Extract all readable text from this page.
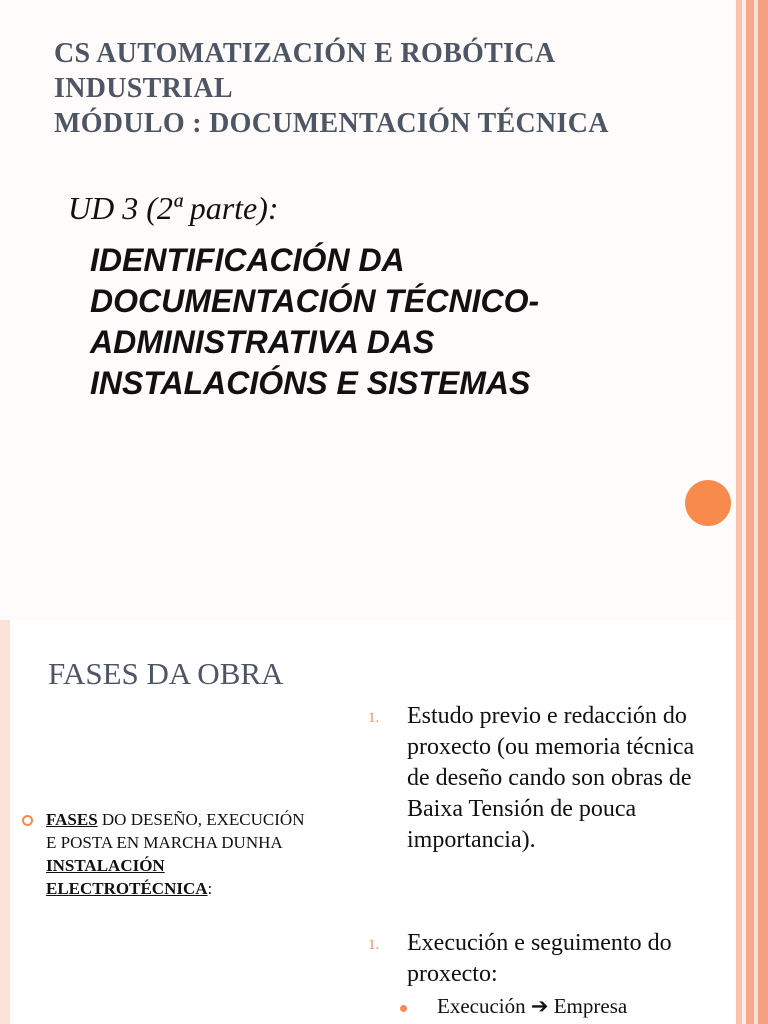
CS AUTOMATIZACIÓN E ROBÓTICA
INDUSTRIAL
MÓDULO : DOCUMENTACIÓN TÉCNICA

UD 3 (2ª parte):

IDENTIFICACIÓN DA
DOCUMENTACIÓN TÉCNICO-
ADMINISTRATIVA DAS
INSTALACIÓNS E SISTEMAS
FASES DA OBRA
FASES DO DESEÑO, EXECUCIÓN E POSTA EN MARCHA DUNHA INSTALACIÓN ELECTROTÉCNICA:
1. Estudo previo e redacción do proxecto (ou memoria técnica de deseño cando son obras de Baixa Tensión de pouca importancia).
1. Execución e seguimento do proxecto:
Execución ➔ Empresa
